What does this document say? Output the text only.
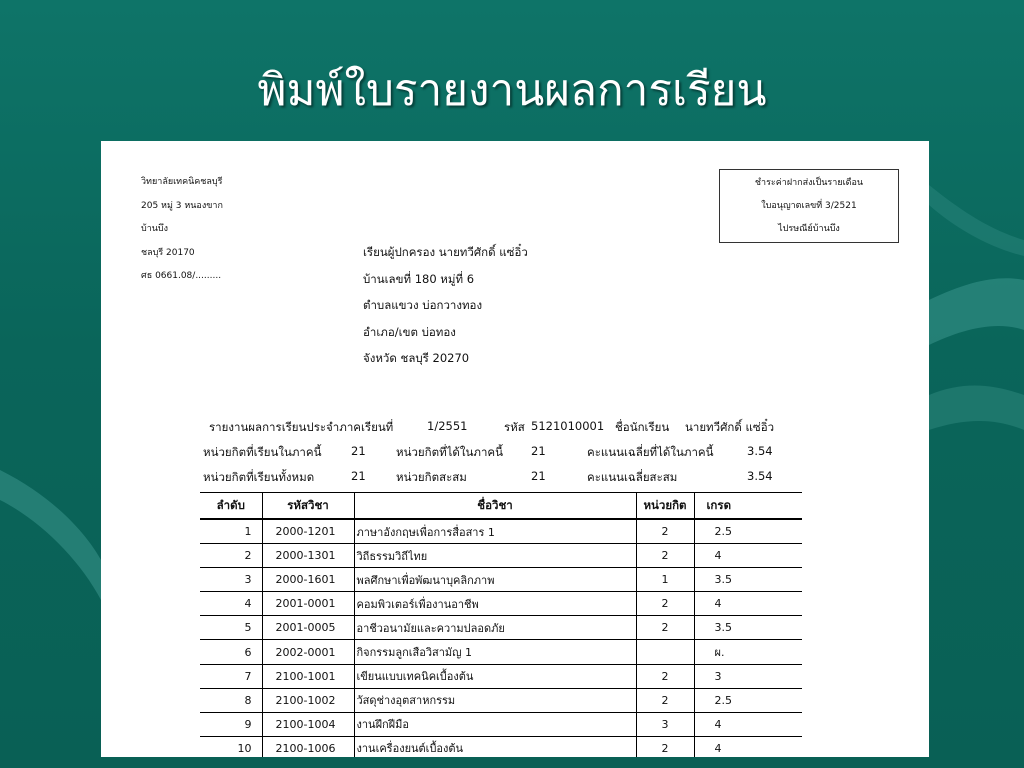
พิมพ์ใบรายงานผลการเรียน
วิทยาลัยเทคนิคชลบุรี
205 หมู่ 3 หนองขาก
บ้านบึง
ชลบุรี 20170
ศธ 0661.08/.........
ชำระค่าฝากส่งเป็นรายเดือน
ใบอนุญาตเลขที่ 3/2521
ไปรษณีย์บ้านบึง
เรียนผู้ปกครอง นายทวีศักดิ์ แซ่อิ๋ว
บ้านเลขที่ 180 หมู่ที่ 6
ตำบลแขวง บ่อกวางทอง
อำเภอ/เขต บ่อทอง
จังหวัด ชลบุรี 20270
รายงานผลการเรียนประจำภาคเรียนที่	1/2551	รหัส 5121010001 ชื่อนักเรียน นายทวีศักดิ์ แซ่อิ๋ว
หน่วยกิตที่เรียนในภาคนี้	21	หน่วยกิตที่ได้ในภาคนี้ 21	คะแนนเฉลี่ยที่ได้ในภาคนี้	3.54
หน่วยกิตที่เรียนทั้งหมด	21	หน่วยกิตสะสม	21	คะแนนเฉลี่ยสะสม	3.54
ลำดับ	รหัสวิชา	ชื่อวิชา	หน่วยกิต	เกรด
1	2000-1201	ภาษาอังกฤษเพื่อการสื่อสาร 1	2	2.5
2	2000-1301	วิถีธรรมวิถีไทย	2	4
3	2000-1601	พลศึกษาเพื่อพัฒนาบุคลิกภาพ	1	3.5
4	2001-0001	คอมพิวเตอร์เพื่องานอาชีพ	2	4
5	2001-0005	อาชีวอนามัยและความปลอดภัย	2	3.5
6	2002-0001	กิจกรรมลูกเสือวิสามัญ 1		ผ.
7	2100-1001	เขียนแบบเทคนิคเบื้องต้น	2	3
8	2100-1002	วัสดุช่างอุตสาหกรรม	2	2.5
9	2100-1004	งานฝึกฝีมือ	3	4
10	2100-1006	งานเครื่องยนต์เบื้องต้น	2	4
